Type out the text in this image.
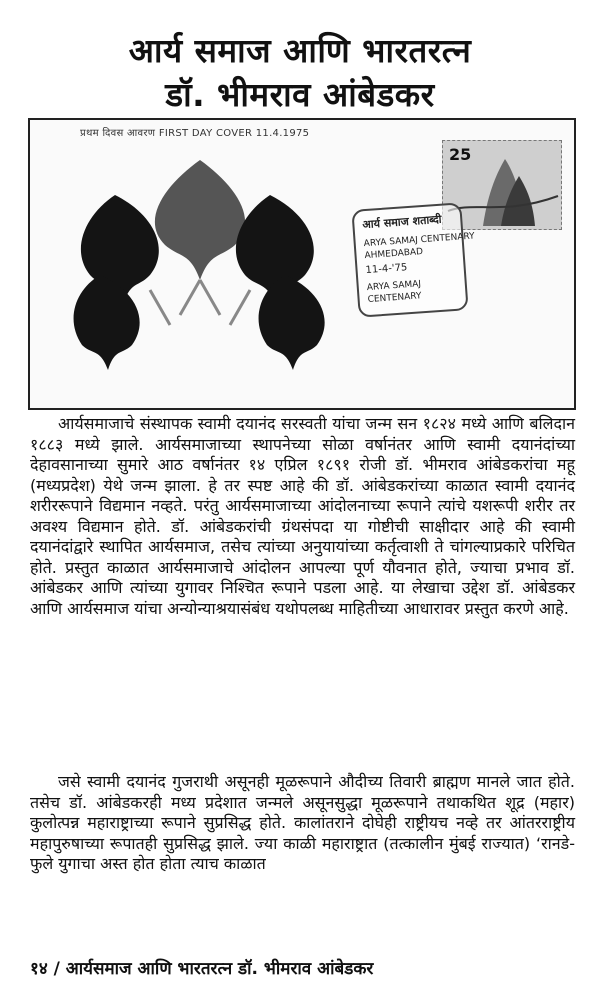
आर्य समाज आणि भारतरत्न
डॉ. भीमराव आंबेडकर
प्रथम दिवस आवरण FIRST DAY COVER 11.4.1975
25
आर्य समाज शताब्दी
ARYA SAMAJ CENTENARY
AHMEDABAD
11-4-'75
ARYA SAMAJ
CENTENARY

आर्यसमाजाचे संस्थापक स्वामी दयानंद सरस्वती यांचा जन्म सन १८२४ मध्ये आणि बलिदान १८८३ मध्ये झाले. आर्यसमाजाच्या स्थापनेच्या सोळा वर्षानंतर आणि स्वामी दयानंदांच्या देहावसानाच्या सुमारे आठ वर्षानंतर १४ एप्रिल १८९१ रोजी डॉ. भीमराव आंबेडकरांचा महू (मध्यप्रदेश) येथे जन्म झाला. हे तर स्पष्ट आहे की डॉ. आंबेडकरांच्या काळात स्वामी दयानंद शरीररूपाने विद्यमान नव्हते. परंतु आर्यसमाजाच्या आंदोलनाच्या रूपाने त्यांचे यशरूपी शरीर तर अवश्य विद्यमान होते. डॉ. आंबेडकरांची ग्रंथसंपदा या गोष्टीची साक्षीदार आहे की स्वामी दयानंदांद्वारे स्थापित आर्यसमाज, तसेच त्यांच्या अनुयायांच्या कर्तृत्वाशी ते चांगल्याप्रकारे परिचित होते. प्रस्तुत काळात आर्यसमाजाचे आंदोलन आपल्या पूर्ण यौवनात होते, ज्याचा प्रभाव डॉ. आंबेडकर आणि त्यांच्या युगावर निश्चित रूपाने पडला आहे. या लेखाचा उद्देश डॉ. आंबेडकर आणि आर्यसमाज यांचा अन्योन्याश्रयासंबंध यथोपलब्ध माहितीच्या आधारावर प्रस्तुत करणे आहे.

जसे स्वामी दयानंद गुजराथी असूनही मूळरूपाने औदीच्य तिवारी ब्राह्मण मानले जात होते. तसेच डॉ. आंबेडकरही मध्य प्रदेशात जन्मले असूनसुद्धा मूळरूपाने तथाकथित शूद्र (महार) कुलोत्पन्न महाराष्ट्राच्या रूपाने सुप्रसिद्ध होते. कालांतराने दोघेही राष्ट्रीयच नव्हे तर आंतरराष्ट्रीय महापुरुषाच्या रूपातही सुप्रसिद्ध झाले. ज्या काळी महाराष्ट्रात (तत्कालीन मुंबई राज्यात) ‘रानडे-फुले युगाचा अस्त होत होता त्याच काळात

१४ / आर्यसमाज आणि भारतरत्न डॉ. भीमराव आंबेडकर
